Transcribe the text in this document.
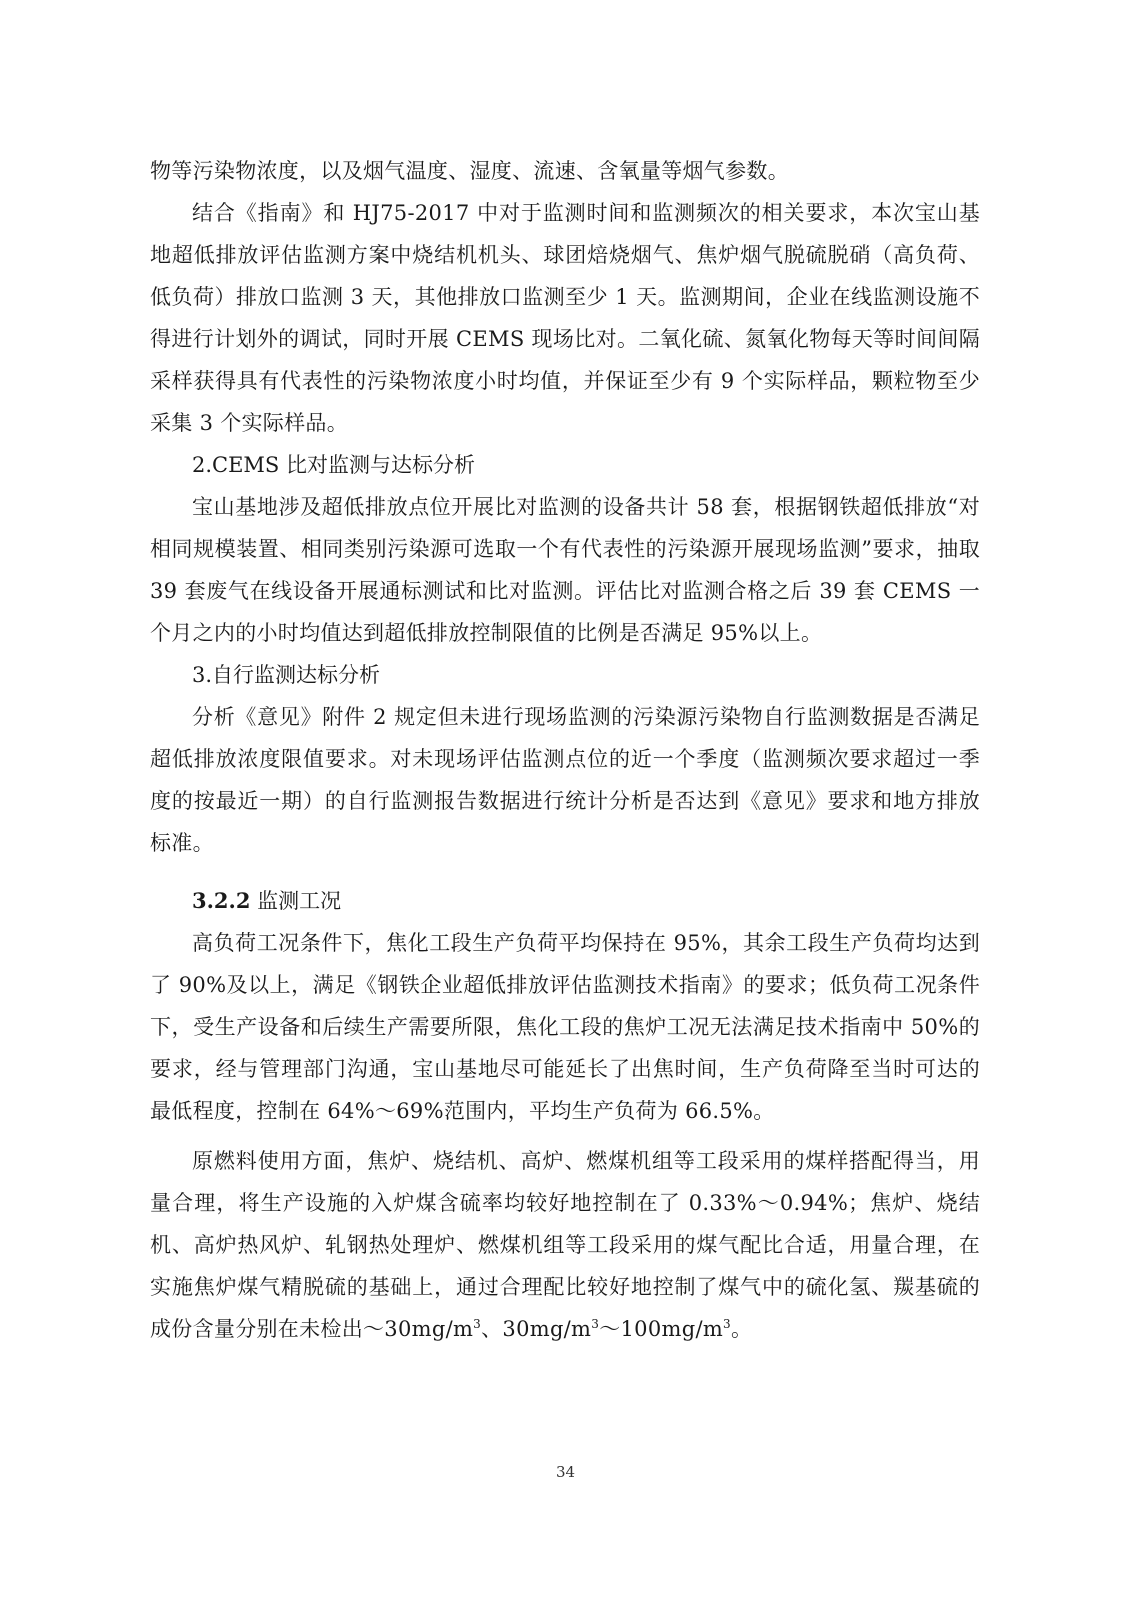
物等污染物浓度，以及烟气温度、湿度、流速、含氧量等烟气参数。

结合《指南》和 HJ75-2017 中对于监测时间和监测频次的相关要求，本次宝山基地超低排放评估监测方案中烧结机机头、球团焙烧烟气、焦炉烟气脱硫脱硝（高负荷、低负荷）排放口监测 3 天，其他排放口监测至少 1 天。监测期间，企业在线监测设施不得进行计划外的调试，同时开展 CEMS 现场比对。二氧化硫、氮氧化物每天等时间间隔采样获得具有代表性的污染物浓度小时均值，并保证至少有 9 个实际样品，颗粒物至少采集 3 个实际样品。

2.CEMS 比对监测与达标分析

宝山基地涉及超低排放点位开展比对监测的设备共计 58 套，根据钢铁超低排放“对相同规模装置、相同类别污染源可选取一个有代表性的污染源开展现场监测”要求，抽取 39 套废气在线设备开展通标测试和比对监测。评估比对监测合格之后 39 套 CEMS 一个月之内的小时均值达到超低排放控制限值的比例是否满足 95%以上。

3.自行监测达标分析

分析《意见》附件 2 规定但未进行现场监测的污染源污染物自行监测数据是否满足超低排放浓度限值要求。对未现场评估监测点位的近一个季度（监测频次要求超过一季度的按最近一期）的自行监测报告数据进行统计分析是否达到《意见》要求和地方排放标准。

3.2.2 监测工况

高负荷工况条件下，焦化工段生产负荷平均保持在 95%，其余工段生产负荷均达到了 90%及以上，满足《钢铁企业超低排放评估监测技术指南》的要求；低负荷工况条件下，受生产设备和后续生产需要所限，焦化工段的焦炉工况无法满足技术指南中 50%的要求，经与管理部门沟通，宝山基地尽可能延长了出焦时间，生产负荷降至当时可达的最低程度，控制在 64%～69%范围内，平均生产负荷为 66.5%。

原燃料使用方面，焦炉、烧结机、高炉、燃煤机组等工段采用的煤样搭配得当，用量合理，将生产设施的入炉煤含硫率均较好地控制在了 0.33%～0.94%；焦炉、烧结机、高炉热风炉、轧钢热处理炉、燃煤机组等工段采用的煤气配比合适，用量合理，在实施焦炉煤气精脱硫的基础上，通过合理配比较好地控制了煤气中的硫化氢、羰基硫的成份含量分别在未检出$\sim 30mg/m^3$、$30mg/m^3\sim 100mg/m^3$。

34
